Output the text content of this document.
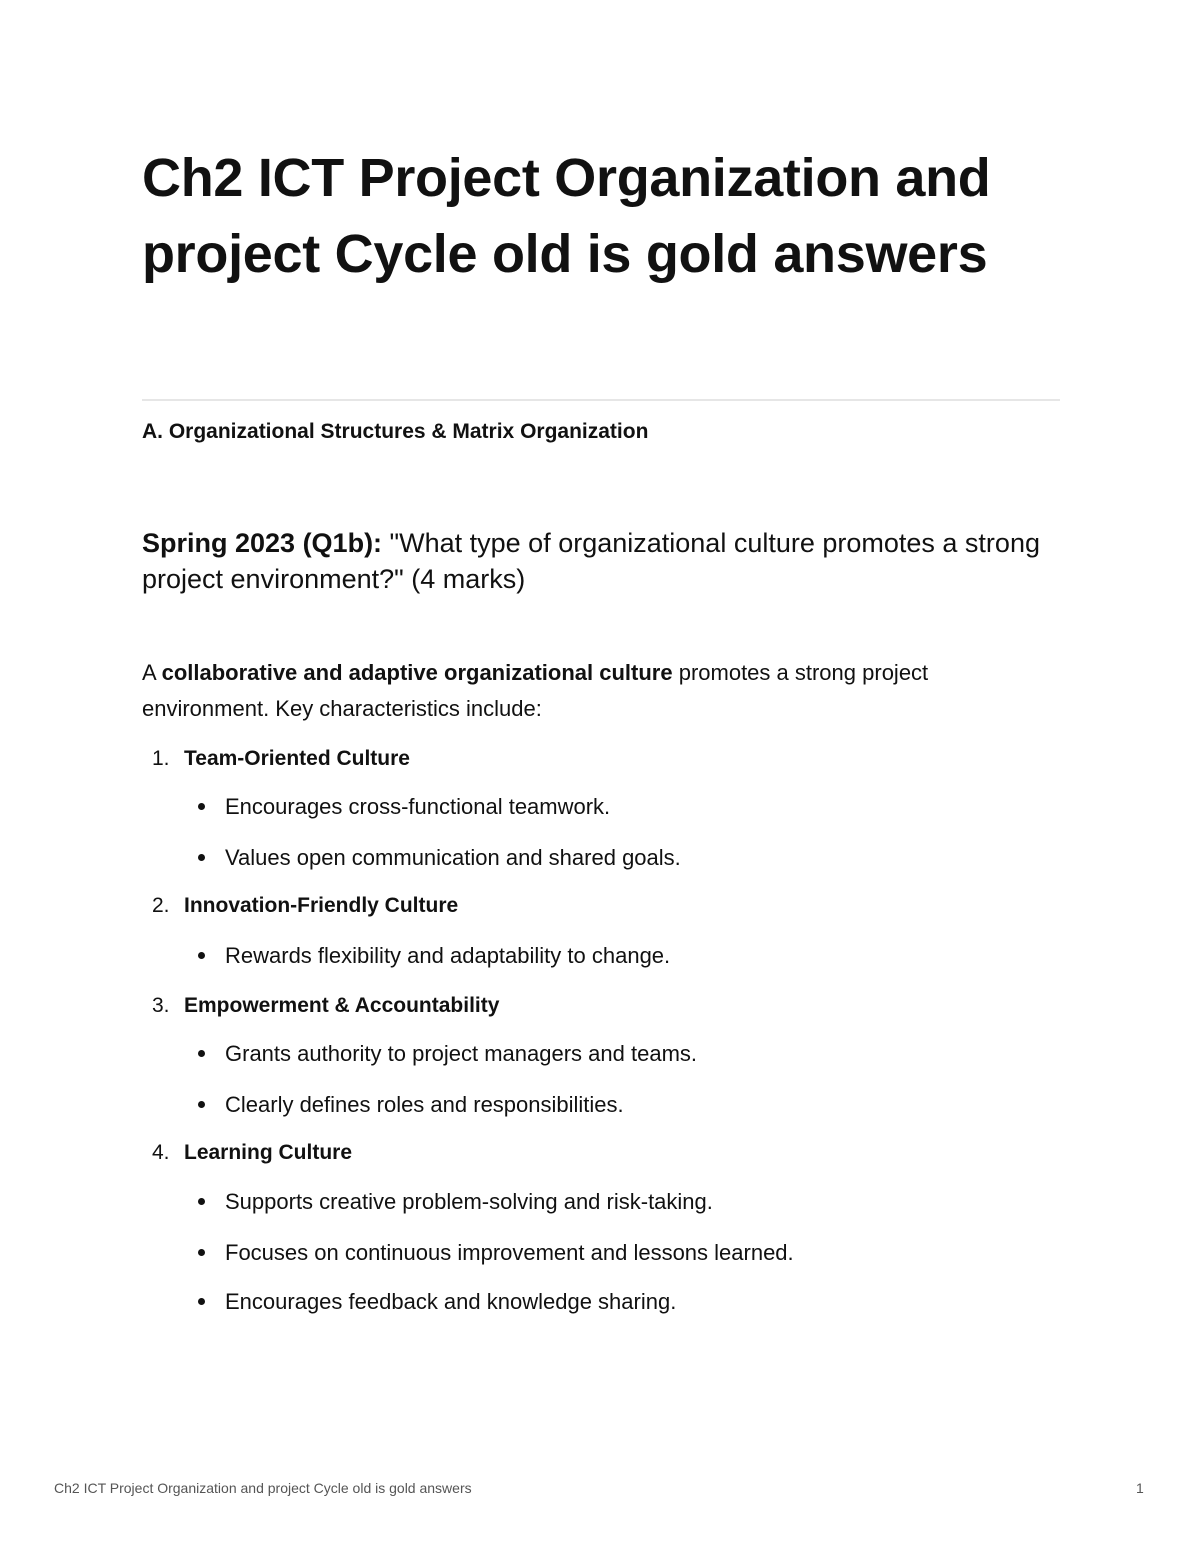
Ch2 ICT Project Organization and project Cycle old is gold answers
A. Organizational Structures & Matrix Organization
Spring 2023 (Q1b): "What type of organizational culture promotes a strong project environment?" (4 marks)

A collaborative and adaptive organizational culture promotes a strong project environment. Key characteristics include:

1. Team-Oriented Culture
Encourages cross-functional teamwork.
Values open communication and shared goals.
2. Innovation-Friendly Culture
Rewards flexibility and adaptability to change.
3. Empowerment & Accountability
Grants authority to project managers and teams.
Clearly defines roles and responsibilities.
4. Learning Culture
Supports creative problem-solving and risk-taking.
Focuses on continuous improvement and lessons learned.
Encourages feedback and knowledge sharing.
Ch2 ICT Project Organization and project Cycle old is gold answers	1
